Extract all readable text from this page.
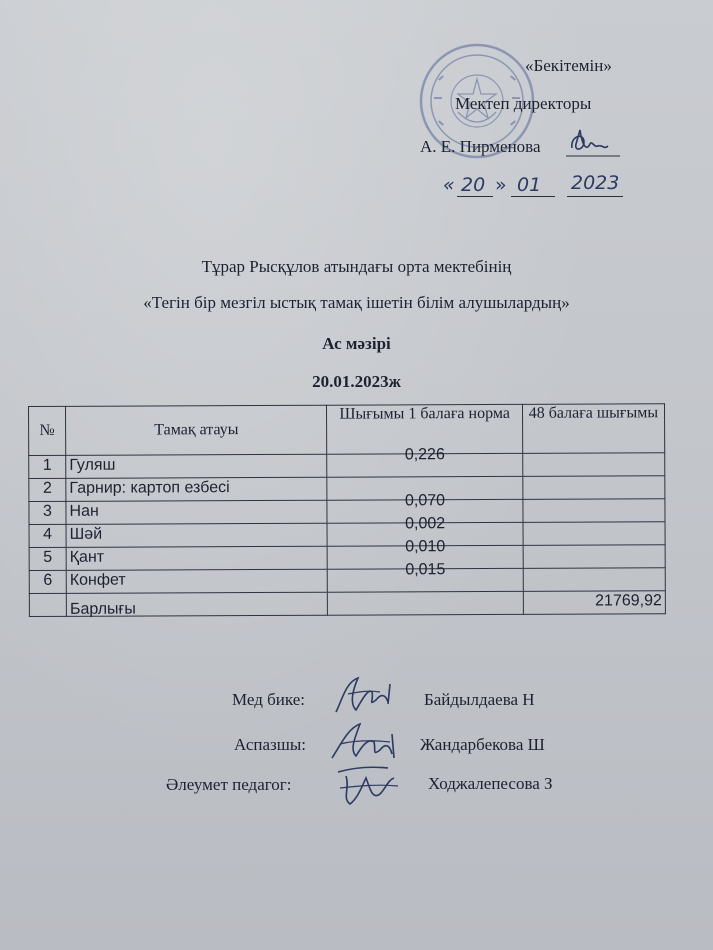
«Бекітемін»
Мектеп директоры
А. Е. Пирменова
« 20 » 01 2023
Тұрар Рысқұлов атындағы орта мектебінің
«Тегін бір мезгіл ыстық тамақ ішетін білім алушылардың»
Ас мәзірі
20.01.2023ж
№	Тамақ атауы	Шығымы 1 балаға норма	48 балаға шығымы
1	Гуляш	0,226	
2	Гарнир: картоп езбесі		
3	Нан	0,070	
4	Шәй	0,002	
5	Қант	0,010	
6	Конфет	0,015	
	Барлығы		21769,92
Мед бике:	Байдылдаева Н
Аспазшы:	Жандарбекова Ш
Әлеумет педагог:	Ходжалепесова З
